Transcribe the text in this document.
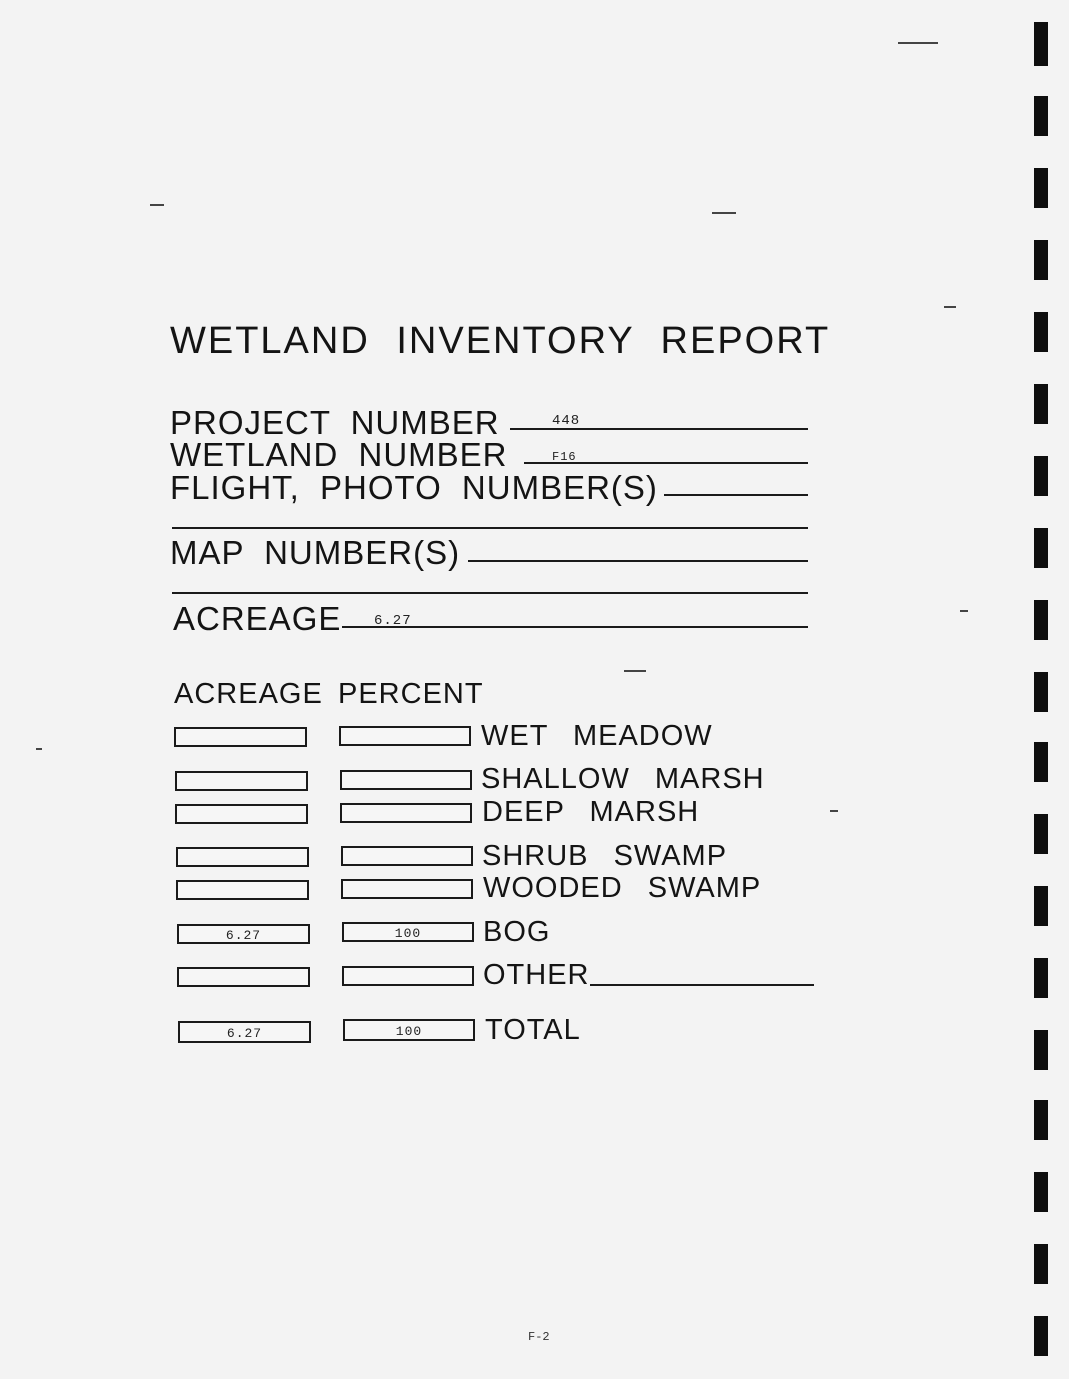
WETLAND INVENTORY REPORT
PROJECT NUMBER	448
WETLAND NUMBER	F16
FLIGHT, PHOTO NUMBER(S)
MAP NUMBER(S)
ACREAGE 6.27
ACREAGE PERCENT
WET MEADOW
SHALLOW MARSH
DEEP MARSH
SHRUB SWAMP
WOODED SWAMP
6.27	100	BOG
OTHER
6.27	100	TOTAL
F-2
